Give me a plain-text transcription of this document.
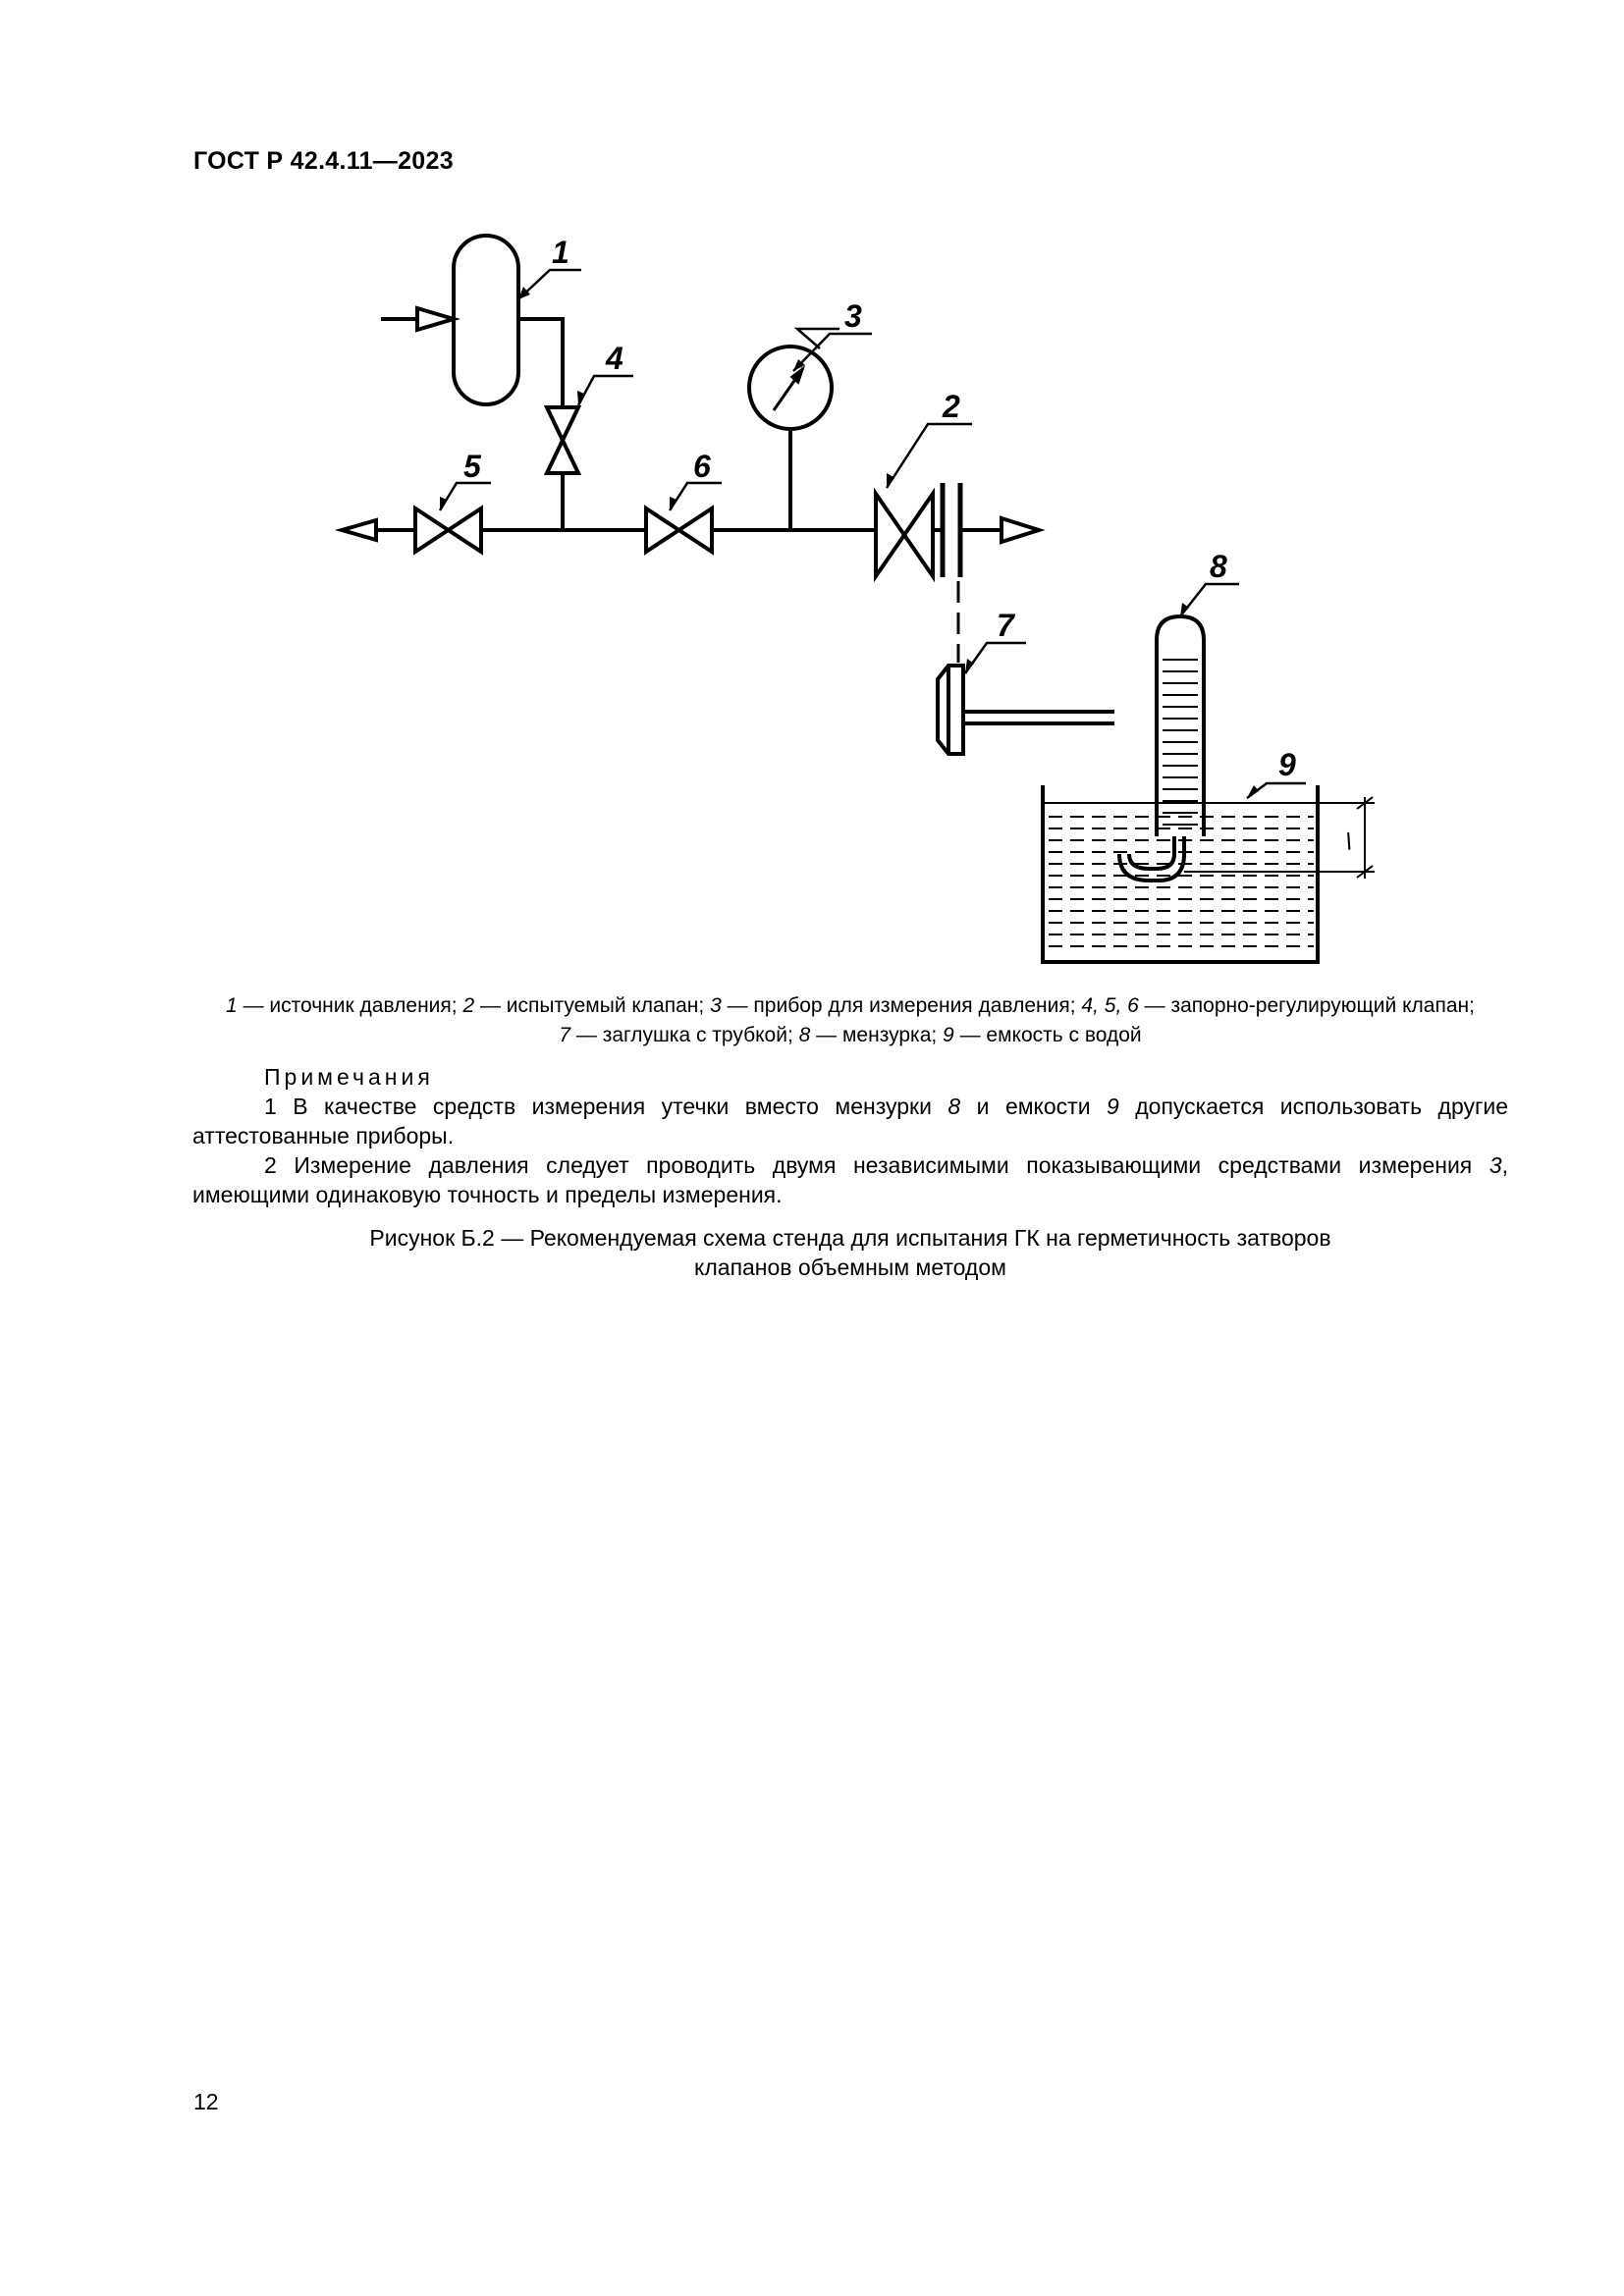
ГОСТ Р 42.4.11—2023
1
2
3
4
5	6
7
8
9
l
1 — источник давления; 2 — испытуемый клапан; 3 — прибор для измерения давления; 4, 5, 6 — запорно-регулирующий клапан;
7 — заглушка с трубкой; 8 — мензурка; 9 — емкость с водой
Примечания

1 В качестве средств измерения утечки вместо мензурки 8 и емкости 9 допускается использовать другие аттестованные приборы.

2 Измерение давления следует проводить двумя независимыми показывающими средствами измерения 3, имеющими одинаковую точность и пределы измерения.

Рисунок Б.2 — Рекомендуемая схема стенда для испытания ГК на герметичность затворов
клапанов объемным методом
12
